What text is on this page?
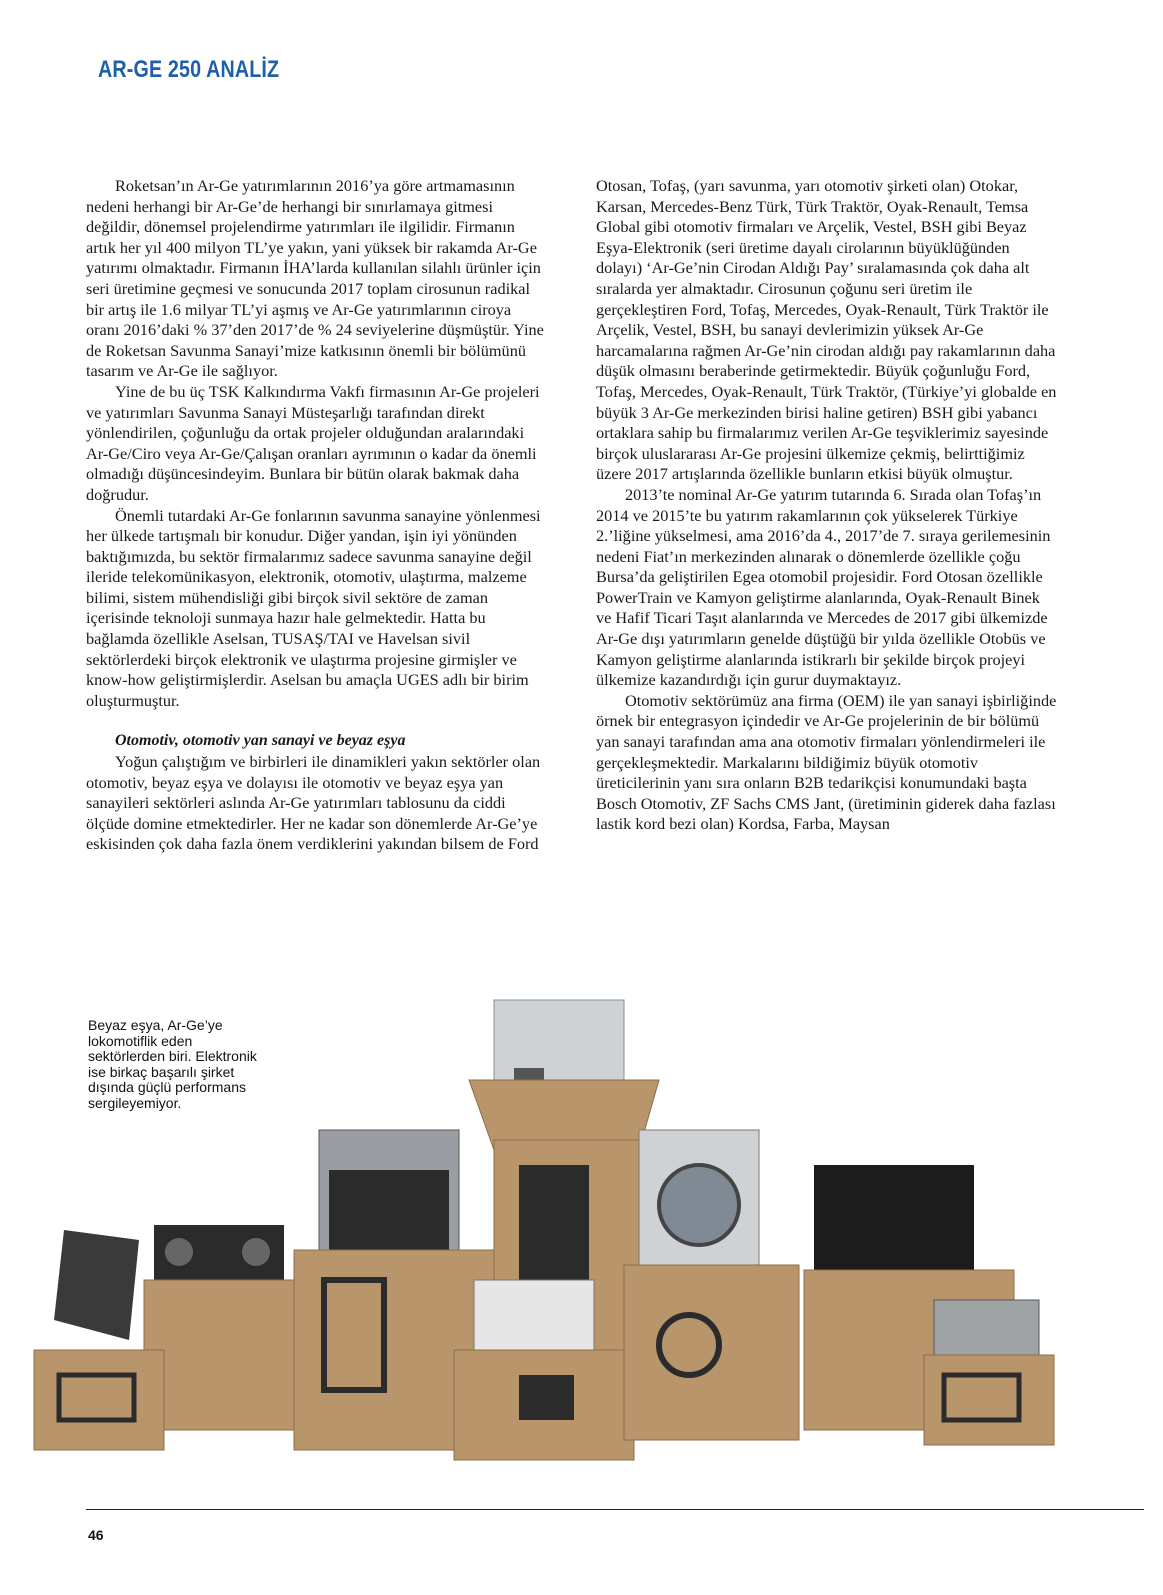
AR-GE 250 ANALİZ

Roketsan’ın Ar-Ge yatırımlarının 2016’ya göre artmamasının nedeni herhangi bir Ar-Ge’de herhangi bir sınırlamaya gitmesi değildir, dönemsel projelendirme yatırımları ile ilgilidir. Firmanın artık her yıl 400 milyon TL’ye yakın, yani yüksek bir rakamda Ar-Ge yatırımı olmaktadır. Firmanın İHA’larda kullanılan silahlı ürünler için seri üretimine geçmesi ve sonucunda 2017 toplam cirosunun radikal bir artış ile 1.6 milyar TL’yi aşmış ve Ar-Ge yatırımlarının ciroya oranı 2016’daki % 37’den 2017’de % 24 seviyelerine düşmüştür. Yine de Roketsan Savunma Sanayi’mize katkısının önemli bir bölümünü tasarım ve Ar-Ge ile sağlıyor.

Yine de bu üç TSK Kalkındırma Vakfı firmasının Ar-Ge projeleri ve yatırımları Savunma Sanayi Müsteşarlığı tarafından direkt yönlendirilen, çoğunluğu da ortak projeler olduğundan aralarındaki Ar-Ge/Ciro veya Ar-Ge/Çalışan oranları ayrımının o kadar da önemli olmadığı düşüncesindeyim. Bunlara bir bütün olarak bakmak daha doğrudur.

Önemli tutardaki Ar-Ge fonlarının savunma sanayine yönlenmesi her ülkede tartışmalı bir konudur. Diğer yandan, işin iyi yönünden baktığımızda, bu sektör firmalarımız sadece savunma sanayine değil ileride telekomünikasyon, elektronik, otomotiv, ulaştırma, malzeme bilimi, sistem mühendisliği gibi birçok sivil sektöre de zaman içerisinde teknoloji sunmaya hazır hale gelmektedir. Hatta bu bağlamda özellikle Aselsan, TUSAŞ/TAI ve Havelsan sivil sektörlerdeki birçok elektronik ve ulaştırma projesine girmişler ve know-how geliştirmişlerdir. Aselsan bu amaçla UGES adlı bir birim oluşturmuştur.

Otomotiv, otomotiv yan sanayi ve beyaz eşya

Yoğun çalıştığım ve birbirleri ile dinamikleri yakın sektörler olan otomotiv, beyaz eşya ve dolayısı ile otomotiv ve beyaz eşya yan sanayileri sektörleri aslında Ar-Ge yatırımları tablosunu da ciddi ölçüde domine etmektedirler. Her ne kadar son dönemlerde Ar-Ge’ye eskisinden çok daha fazla önem verdiklerini yakından bilsem de Ford

Otosan, Tofaş, (yarı savunma, yarı otomotiv şirketi olan) Otokar, Karsan, Mercedes-Benz Türk, Türk Traktör, Oyak-Renault, Temsa Global gibi otomotiv firmaları ve Arçelik, Vestel, BSH gibi Beyaz Eşya-Elektronik (seri üretime dayalı cirolarının büyüklüğünden dolayı) ‘Ar-Ge’nin Cirodan Aldığı Pay’ sıralamasında çok daha alt sıralarda yer almaktadır. Cirosunun çoğunu seri üretim ile gerçekleştiren Ford, Tofaş, Mercedes, Oyak-Renault, Türk Traktör ile Arçelik, Vestel, BSH, bu sanayi devlerimizin yüksek Ar-Ge harcamalarına rağmen Ar-Ge’nin cirodan aldığı pay rakamlarının daha düşük olmasını beraberinde getirmektedir. Büyük çoğunluğu Ford, Tofaş, Mercedes, Oyak-Renault, Türk Traktör, (Türkiye’yi globalde en büyük 3 Ar-Ge merkezinden birisi haline getiren) BSH gibi yabancı ortaklara sahip bu firmalarımız verilen Ar-Ge teşviklerimiz sayesinde birçok uluslararası Ar-Ge projesini ülkemize çekmiş, belirttiğimiz üzere 2017 artışlarında özellikle bunların etkisi büyük olmuştur.

2013’te nominal Ar-Ge yatırım tutarında 6. Sırada olan Tofaş’ın 2014 ve 2015’te bu yatırım rakamlarının çok yükselerek Türkiye 2.’liğine yükselmesi, ama 2016’da 4., 2017’de 7. sıraya gerilemesinin nedeni Fiat’ın merkezinden alınarak o dönemlerde özellikle çoğu Bursa’da geliştirilen Egea otomobil projesidir. Ford Otosan özellikle PowerTrain ve Kamyon geliştirme alanlarında, Oyak-Renault Binek ve Hafif Ticari Taşıt alanlarında ve Mercedes de 2017 gibi ülkemizde Ar-Ge dışı yatırımların genelde düştüğü bir yılda özellikle Otobüs ve Kamyon geliştirme alanlarında istikrarlı bir şekilde birçok projeyi ülkemize kazandırdığı için gurur duymaktayız.

Otomotiv sektörümüz ana firma (OEM) ile yan sanayi işbirliğinde örnek bir entegrasyon içindedir ve Ar-Ge projelerinin de bir bölümü yan sanayi tarafından ama ana otomotiv firmaları yönlendirmeleri ile gerçekleşmektedir. Markalarını bildiğimiz büyük otomotiv üreticilerinin yanı sıra onların B2B tedarikçisi konumundaki başta Bosch Otomotiv, ZF Sachs CMS Jant, (üretiminin giderek daha fazlası lastik kord bezi olan) Kordsa, Farba, Maysan

Beyaz eşya, Ar-Ge’ye lokomotiflik eden sektörlerden biri. Elektronik ise birkaç başarılı şirket dışında güçlü performans sergileyemiyor.
46
